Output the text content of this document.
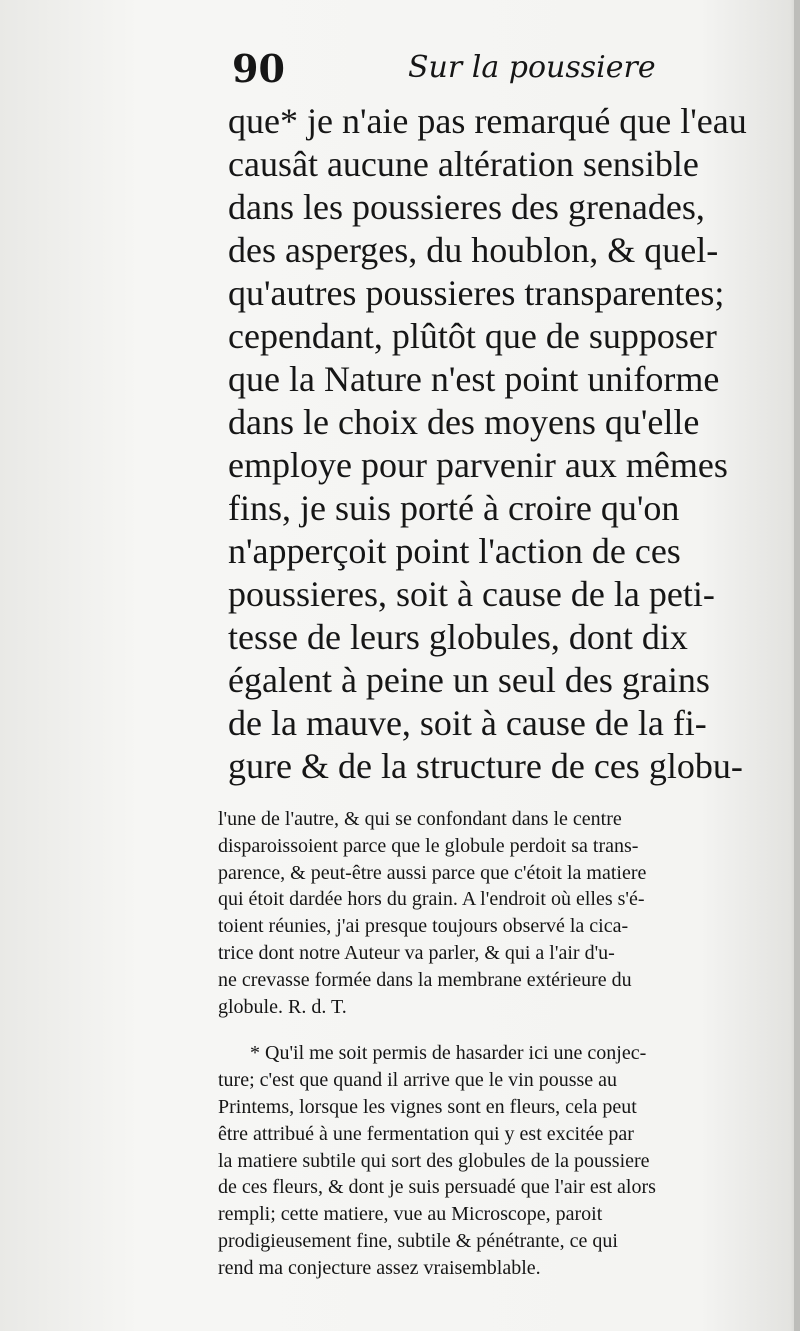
90	Sur la poussiere
que* je n'aie pas remarqué que l'eau
causât aucune altération sensible
dans les poussieres des grenades,
des asperges, du houblon, & quel-
qu'autres poussieres transparentes;
cependant, plûtôt que de supposer
que la Nature n'est point uniforme
dans le choix des moyens qu'elle
employe pour parvenir aux mêmes
fins, je suis porté à croire qu'on
n'apperçoit point l'action de ces
poussieres, soit à cause de la peti-
tesse de leurs globules, dont dix
égalent à peine un seul des grains
de la mauve, soit à cause de la fi-
gure & de la structure de ces globu-
l'une de l'autre, & qui se confondant dans le centre
disparoissoient parce que le globule perdoit sa trans-
parence, & peut-être aussi parce que c'étoit la matiere
qui étoit dardée hors du grain. A l'endroit où elles s'é-
toient réunies, j'ai presque toujours observé la cica-
trice dont notre Auteur va parler, & qui a l'air d'u-
ne crevasse formée dans la membrane extérieure du
globule. R. d. T.
* Qu'il me soit permis de hasarder ici une conjec-
ture; c'est que quand il arrive que le vin pousse au
Printems, lorsque les vignes sont en fleurs, cela peut
être attribué à une fermentation qui y est excitée par
la matiere subtile qui sort des globules de la poussiere
de ces fleurs, & dont je suis persuadé que l'air est alors
rempli; cette matiere, vue au Microscope, paroit
prodigieusement fine, subtile & pénétrante, ce qui
rend ma conjecture assez vraisemblable.
